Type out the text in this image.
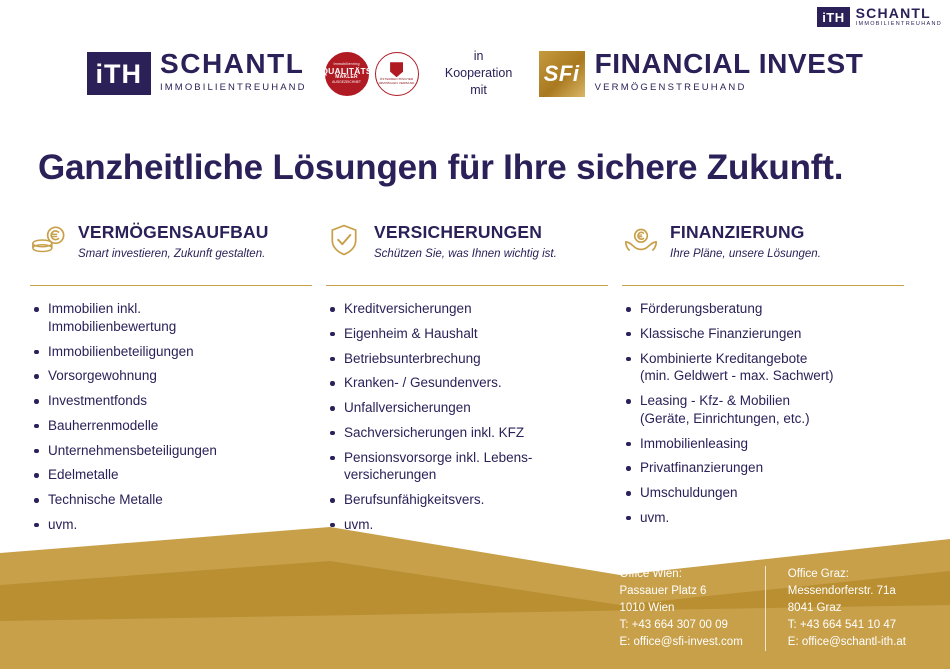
iTH SCHANTL
IMMOBILIENTREUHAND
iTH SCHANTL
IMMOBILIENTREUHAND
Immobilienring
QUALITÄTS
MAKLER
AUSGEZEICHNET
ÖSTERREICHISCHER
IMMOBILIEN VERBAND
in
Kooperation
mit
SFi FINANCIAL INVEST
VERMÖGENSTREUHAND
Ganzheitliche Lösungen für Ihre sichere Zukunft.
VERMÖGENSAUFBAU
Smart investieren, Zukunft gestalten.
Immobilien inkl.
Immobilienbewertung
Immobilienbeteiligungen
Vorsorgewohnung
Investmentfonds
Bauherrenmodelle
Unternehmensbeteiligungen
Edelmetalle
Technische Metalle
uvm.
VERSICHERUNGEN
Schützen Sie, was Ihnen wichtig ist.
Kreditversicherungen
Eigenheim & Haushalt
Betriebsunterbrechung
Kranken- / Gesundenvers.
Unfallversicherungen
Sachversicherungen inkl. KFZ
Pensionsvorsorge inkl. Lebens-
versicherungen
Berufsunfähigkeitsvers.
uvm.
FINANZIERUNG
Ihre Pläne, unsere Lösungen.
Förderungsberatung
Klassische Finanzierungen
Kombinierte Kreditangebote
(min. Geldwert - max. Sachwert)
Leasing - Kfz- & Mobilien
(Geräte, Einrichtungen, etc.)
Immobilienleasing
Privatfinanzierungen
Umschuldungen
uvm.
Office Wien:
Passauer Platz 6
1010 Wien
T: +43 664 307 00 09
E: office@sfi-invest.com
Office Graz:
Messendorferstr. 71a
8041 Graz
T: +43 664 541 10 47
E: office@schantl-ith.at
